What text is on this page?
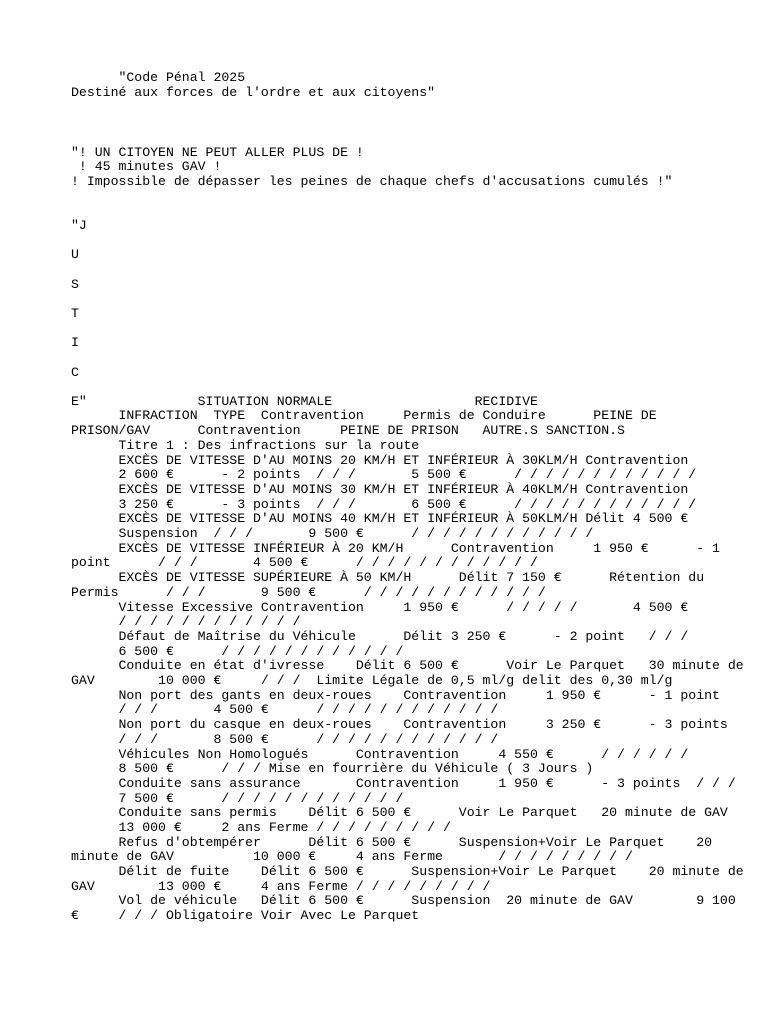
"Code Pénal 2025
Destiné aux forces de l'ordre et aux citoyens"
"! UN CITOYEN NE PEUT ALLER PLUS DE !
! 45 minutes GAV !
! Impossible de dépasser les peines de chaque chefs d'accusations cumulés !"
"J
U
S
T
I
C
E"              SITUATION NORMALE                  RECIDIVE
INFRACTION  TYPE  Contravention     Permis de Conduire      PEINE DE
PRISON/GAV      Contravention     PEINE DE PRISON   AUTRE.S SANCTION.S
Titre 1 : Des infractions sur la route
EXCÈS DE VITESSE D'AU MOINS 20 KM/H ET INFÉRIEUR À 30KLM/H Contravention
2 600 €      - 2 points  / / /       5 500 €      / / / / / / / / / / / /
EXCÈS DE VITESSE D'AU MOINS 30 KM/H ET INFÉRIEUR À 40KLM/H Contravention
3 250 €      - 3 points  / / /       6 500 €      / / / / / / / / / / / /
EXCÈS DE VITESSE D'AU MOINS 40 KM/H ET INFÉRIEUR À 50KLM/H Délit 4 500 €
Suspension  / / /       9 500 €      / / / / / / / / / / / /
EXCÈS DE VITESSE INFÉRIEUR À 20 KM/H      Contravention     1 950 €      - 1
point      / / /       4 500 €      / / / / / / / / / / / /
EXCÈS DE VITESSE SUPÉRIEURE À 50 KM/H      Délit 7 150 €      Rétention du
Permis      / / /       9 500 €      / / / / / / / / / / / /
Vitesse Excessive Contravention     1 950 €      / / / / /       4 500 €
/ / / / / / / / / / / /
Défaut de Maîtrise du Véhicule      Délit 3 250 €      - 2 point   / / /
6 500 €      / / / / / / / / / / / /
Conduite en état d'ivresse    Délit 6 500 €      Voir Le Parquet   30 minute de
GAV        10 000 €     / / /  Limite Légale de 0,5 ml/g delit des 0,30 ml/g
Non port des gants en deux-roues    Contravention     1 950 €      - 1 point
/ / /       4 500 €      / / / / / / / / / / / /
Non port du casque en deux-roues    Contravention     3 250 €      - 3 points
/ / /       8 500 €      / / / / / / / / / / / /
Véhicules Non Homologués      Contravention     4 550 €      / / / / / /
8 500 €      / / / Mise en fourrière du Véhicule ( 3 Jours )
Conduite sans assurance       Contravention     1 950 €      - 3 points  / / /
7 500 €      / / / / / / / / / / / /
Conduite sans permis    Délit 6 500 €      Voir Le Parquet   20 minute de GAV
13 000 €     2 ans Ferme / / / / / / / / /
Refus d'obtempérer      Délit 6 500 €      Suspension+Voir Le Parquet    20
minute de GAV          10 000 €     4 ans Ferme       / / / / / / / / /
Délit de fuite    Délit 6 500 €      Suspension+Voir Le Parquet    20 minute de
GAV        13 000 €     4 ans Ferme / / / / / / / / /
Vol de véhicule   Délit 6 500 €      Suspension  20 minute de GAV        9 100
€     / / / Obligatoire Voir Avec Le Parquet
